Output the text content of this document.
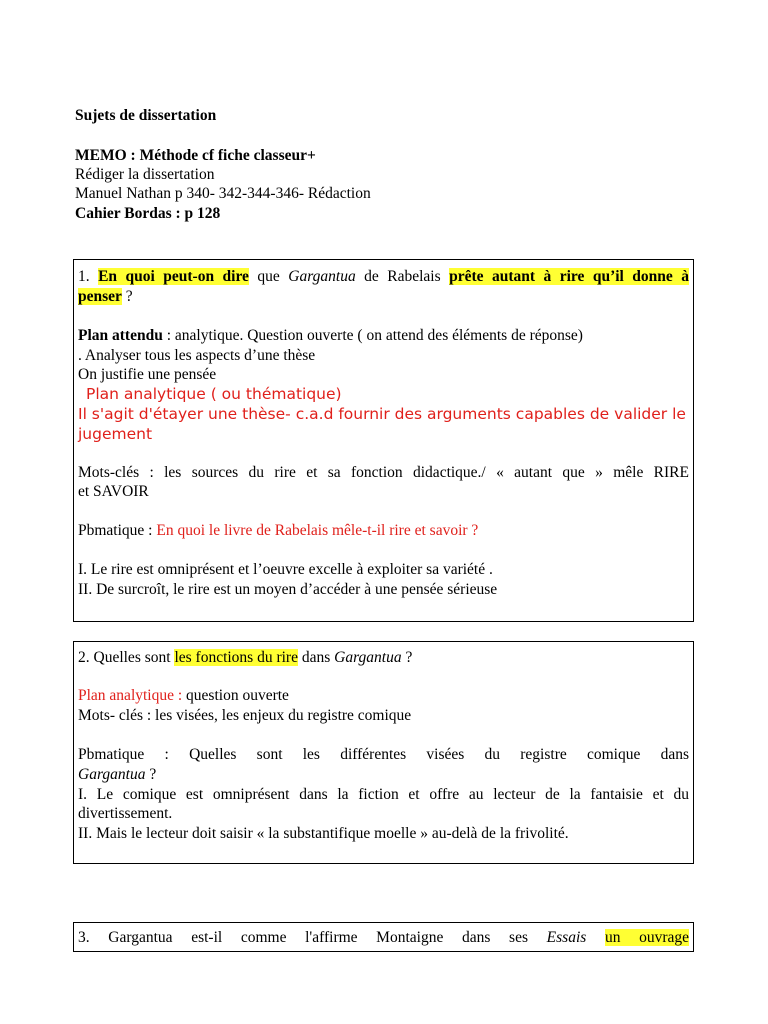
Sujets de dissertation
MEMO : Méthode cf fiche classeur+
Rédiger la dissertation
Manuel Nathan p 340- 342-344-346- Rédaction
Cahier Bordas : p 128
1. En quoi peut-on dire que Gargantua de Rabelais prête autant à rire qu’il donne à
penser ?
Plan attendu : analytique. Question ouverte ( on attend des éléments de réponse)
. Analyser tous les aspects d’une thèse
On justifie une pensée
Plan analytique ( ou thématique)
Il s'agit d'étayer une thèse- c.a.d fournir des arguments capables de valider le
jugement
Mots-clés : les sources du rire et sa fonction didactique./ « autant que » mêle RIRE
et SAVOIR
Pbmatique : En quoi le livre de Rabelais mêle-t-il rire et savoir ?
I. Le rire est omniprésent et l’oeuvre excelle à exploiter sa variété .
II. De surcroît, le rire est un moyen d’accéder à une pensée sérieuse
2. Quelles sont les fonctions du rire dans Gargantua ?
Plan analytique : question ouverte
Mots- clés : les visées, les enjeux du registre comique
Pbmatique : Quelles sont les différentes visées du registre comique dans
Gargantua ?
I. Le comique est omniprésent dans la fiction et offre au lecteur de la fantaisie et du
divertissement.
II. Mais le lecteur doit saisir « la substantifique moelle » au-delà de la frivolité.
3. Gargantua est-il comme l'affirme Montaigne dans ses Essais un ouvrage
